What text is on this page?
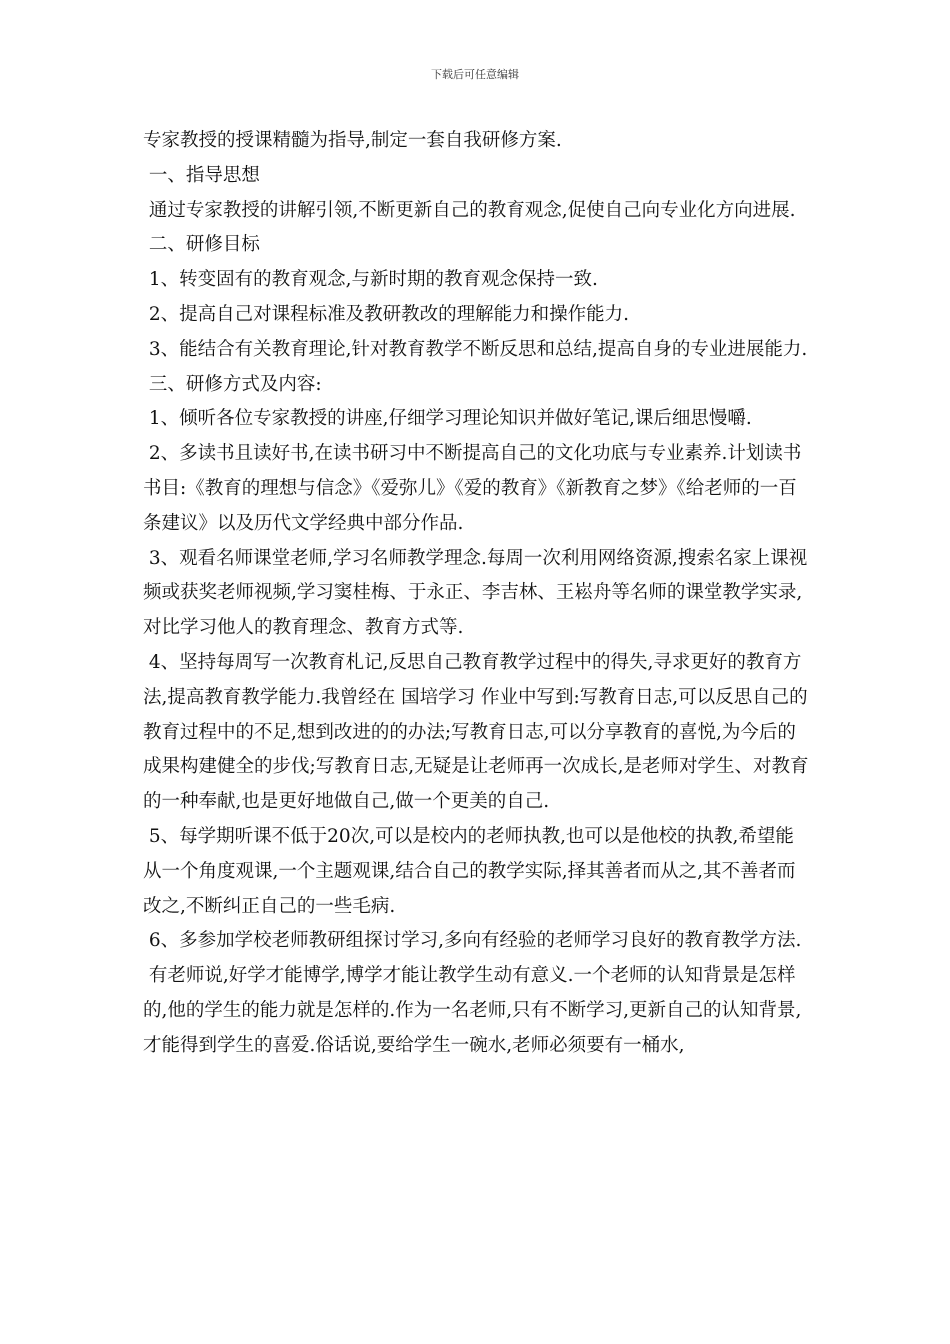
下载后可任意编辑

专家教授的授课精髓为指导,制定一套自我研修方案.

一、指导思想

通过专家教授的讲解引领,不断更新自己的教育观念,促使自己向专业化方向进展.

二、研修目标

1、转变固有的教育观念,与新时期的教育观念保持一致.

2、提高自己对课程标准及教研教改的理解能力和操作能力.

3、能结合有关教育理论,针对教育教学不断反思和总结,提高自身的专业进展能力.

三、研修方式及内容:

1、倾听各位专家教授的讲座,仔细学习理论知识并做好笔记,课后细思慢嚼.

2、多读书且读好书,在读书研习中不断提高自己的文化功底与专业素养.计划读书书目:《教育的理想与信念》《爱弥儿》《爱的教育》《新教育之梦》《给老师的一百条建议》以及历代文学经典中部分作品.

3、观看名师课堂老师,学习名师教学理念.每周一次利用网络资源,搜索名家上课视频或获奖老师视频,学习窦桂梅、于永正、李吉林、王崧舟等名师的课堂教学实录,对比学习他人的教育理念、教育方式等.

4、坚持每周写一次教育札记,反思自己教育教学过程中的得失,寻求更好的教育方法,提高教育教学能力.我曾经在 国培学习 作业中写到:写教育日志,可以反思自己的教育过程中的不足,想到改进的的办法;写教育日志,可以分享教育的喜悦,为今后的成果构建健全的步伐;写教育日志,无疑是让老师再一次成长,是老师对学生、对教育的一种奉献,也是更好地做自己,做一个更美的自己.

5、每学期听课不低于20次,可以是校内的老师执教,也可以是他校的执教,希望能从一个角度观课,一个主题观课,结合自己的教学实际,择其善者而从之,其不善者而改之,不断纠正自己的一些毛病.

6、多参加学校老师教研组探讨学习,多向有经验的老师学习良好的教育教学方法.

有老师说,好学才能博学,博学才能让教学生动有意义.一个老师的认知背景是怎样的,他的学生的能力就是怎样的.作为一名老师,只有不断学习,更新自己的认知背景,才能得到学生的喜爱.俗话说,要给学生一碗水,老师必须要有一桶水,
